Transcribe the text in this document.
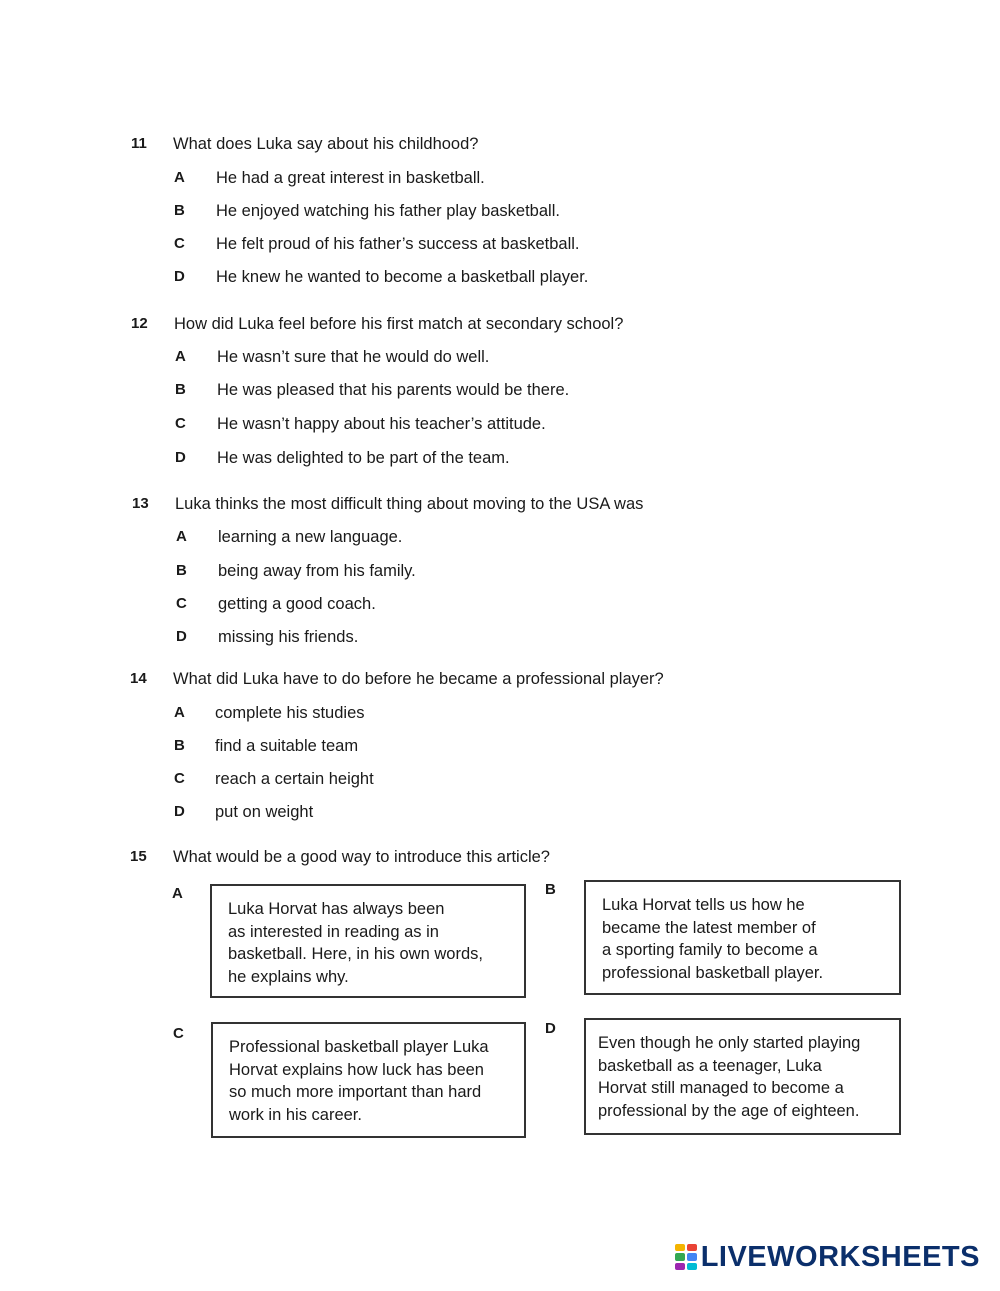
11 What does Luka say about his childhood?
A He had a great interest in basketball.
B He enjoyed watching his father play basketball.
C He felt proud of his father’s success at basketball.
D He knew he wanted to become a basketball player.
12 How did Luka feel before his first match at secondary school?
A He wasn’t sure that he would do well.
B He was pleased that his parents would be there.
C He wasn’t happy about his teacher’s attitude.
D He was delighted to be part of the team.
13 Luka thinks the most difficult thing about moving to the USA was
A learning a new language.
B being away from his family.
C getting a good coach.
D missing his friends.
14 What did Luka have to do before he became a professional player?
A complete his studies
B find a suitable team
C reach a certain height
D put on weight
15 What would be a good way to introduce this article?
A
Luka Horvat has always been
as interested in reading as in
basketball. Here, in his own words,
he explains why.
B
Luka Horvat tells us how he
became the latest member of
a sporting family to become a
professional basketball player.
C
Professional basketball player Luka
Horvat explains how luck has been
so much more important than hard
work in his career.
D
Even though he only started playing
basketball as a teenager, Luka
Horvat still managed to become a
professional by the age of eighteen.
LIVEWORKSHEETS
